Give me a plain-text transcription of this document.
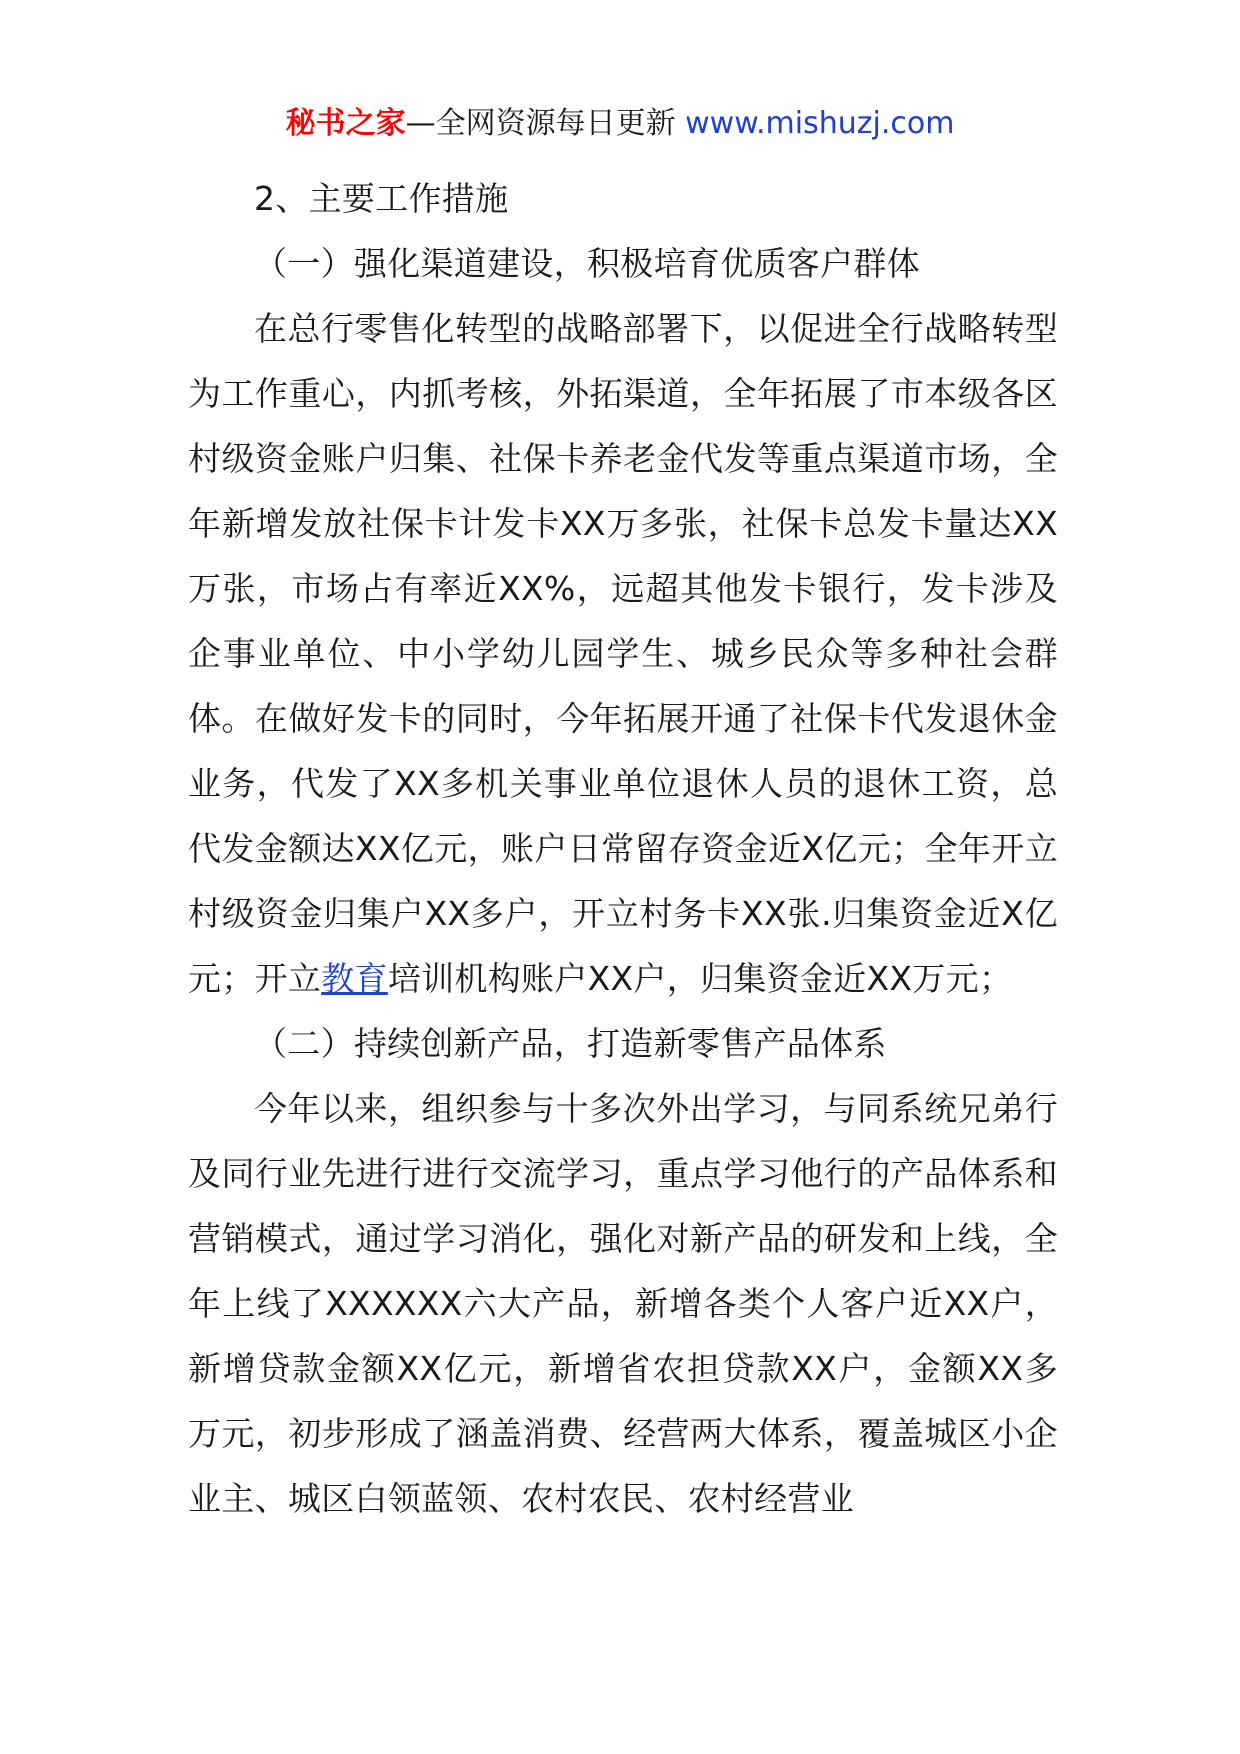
秘书之家—全网资源每日更新 www.mishuzj.com

2、主要工作措施

（一）强化渠道建设，积极培育优质客户群体

在总行零售化转型的战略部署下，以促进全行战略转型为工作重心，内抓考核，外拓渠道，全年拓展了市本级各区村级资金账户归集、社保卡养老金代发等重点渠道市场，全年新增发放社保卡计发卡XX万多张，社保卡总发卡量达XX万张，市场占有率近XX%，远超其他发卡银行，发卡涉及企事业单位、中小学幼儿园学生、城乡民众等多种社会群体。在做好发卡的同时，今年拓展开通了社保卡代发退休金业务，代发了XX多机关事业单位退休人员的退休工资，总代发金额达XX亿元，账户日常留存资金近X亿元；全年开立村级资金归集户XX多户，开立村务卡XX张.归集资金近X亿元；开立教育培训机构账户XX户，归集资金近XX万元；

（二）持续创新产品，打造新零售产品体系

今年以来，组织参与十多次外出学习，与同系统兄弟行及同行业先进行进行交流学习，重点学习他行的产品体系和营销模式，通过学习消化，强化对新产品的研发和上线，全年上线了XXXXXX六大产品，新增各类个人客户近XX户，新增贷款金额XX亿元，新增省农担贷款XX户，金额XX多万元，初步形成了涵盖消费、经营两大体系，覆盖城区小企业主、城区白领蓝领、农村农民、农村经营业
